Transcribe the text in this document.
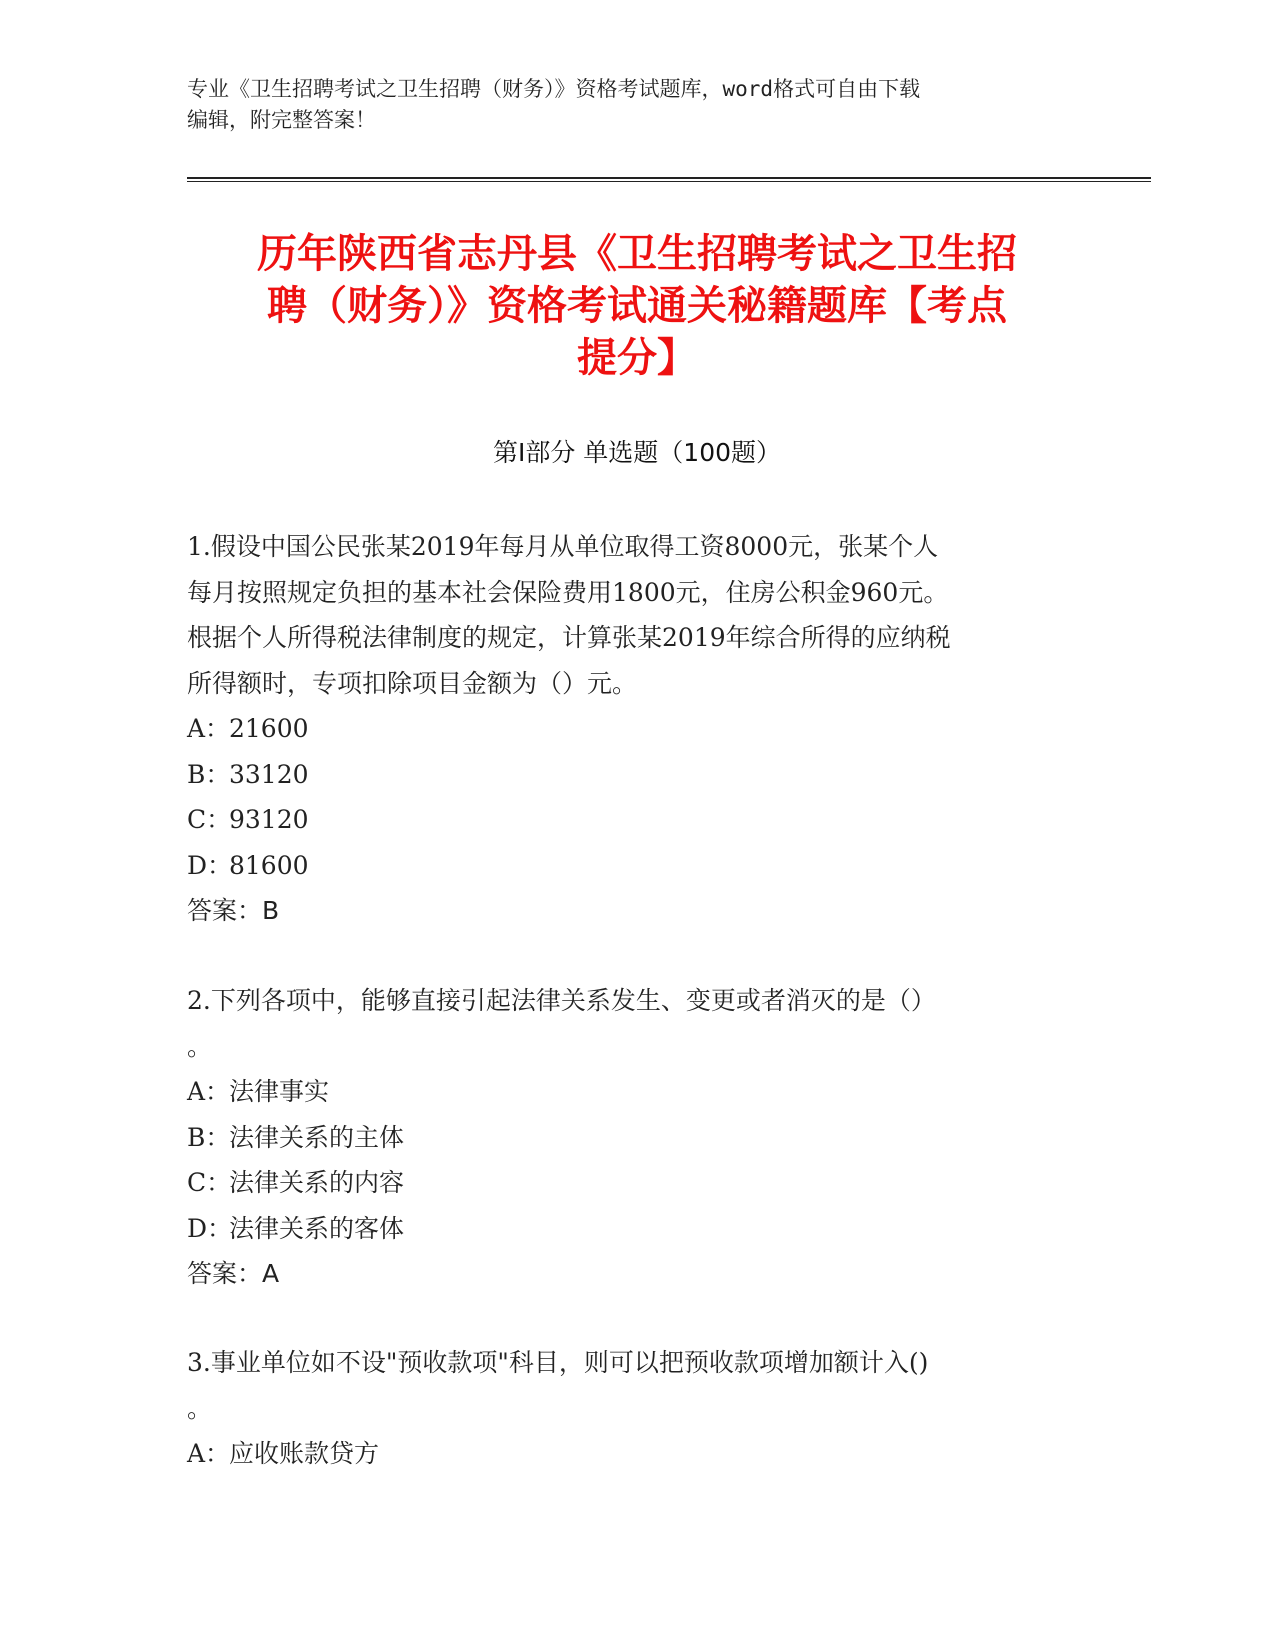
专业《卫生招聘考试之卫生招聘（财务）》资格考试题库，word格式可自由下载
编辑，附完整答案！
历年陕西省志丹县《卫生招聘考试之卫生招
聘（财务）》资格考试通关秘籍题库【考点
提分】
第Ⅰ部分 单选题（100题）
1.假设中国公民张某2019年每月从单位取得工资8000元，张某个人
每月按照规定负担的基本社会保险费用1800元，住房公积金960元。
根据个人所得税法律制度的规定，计算张某2019年综合所得的应纳税
所得额时，专项扣除项目金额为（）元。
A：21600
B：33120
C：93120
D：81600
答案：B
2.下列各项中，能够直接引起法律关系发生、变更或者消灭的是（）
。
A：法律事实
B：法律关系的主体
C：法律关系的内容
D：法律关系的客体
答案：A
3.事业单位如不设"预收款项"科目，则可以把预收款项增加额计入()
。
A：应收账款贷方
